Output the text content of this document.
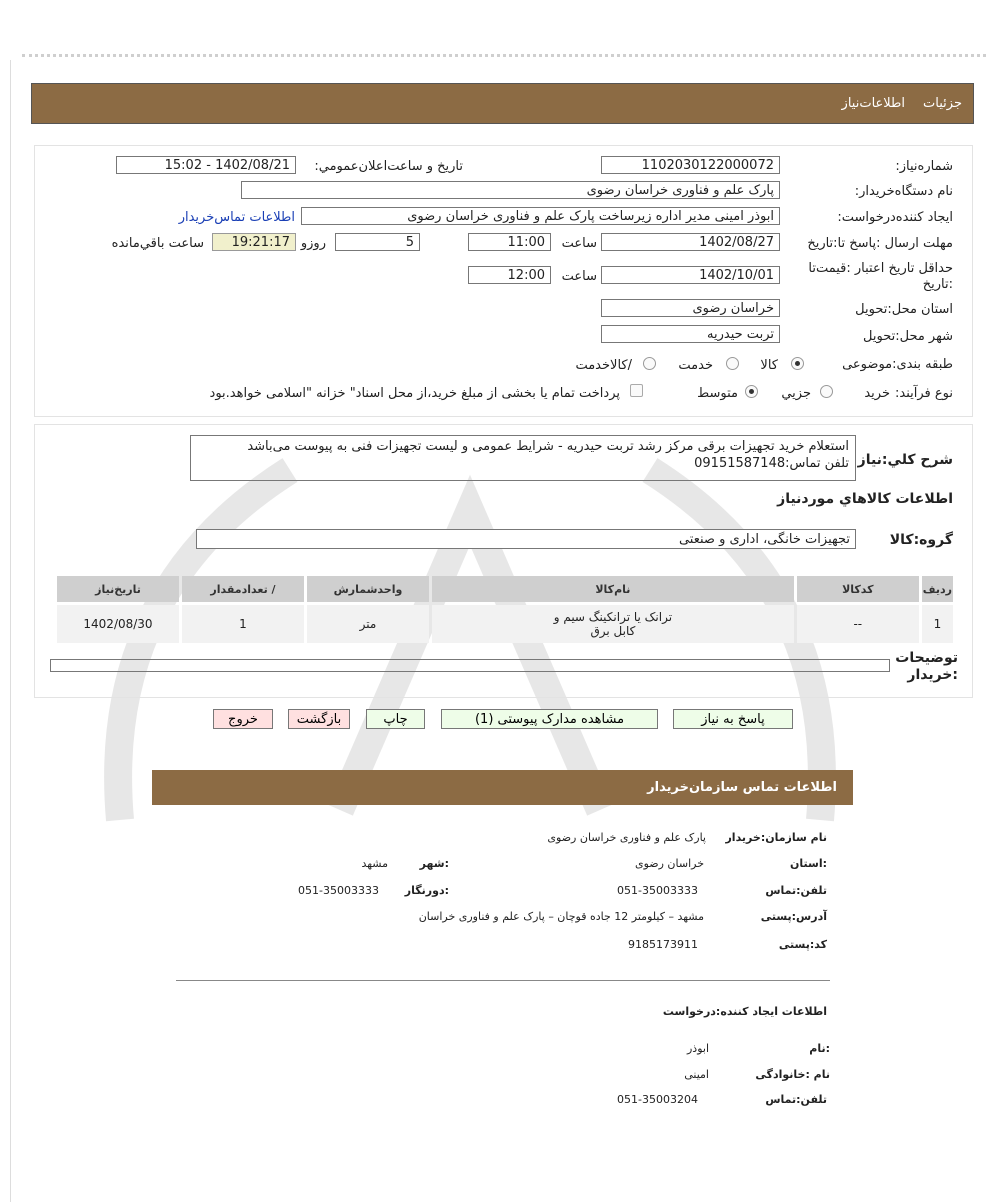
جزئیات
اطلاعات‌نیاز
شماره‌نیاز:
1102030122000072
تاریخ و ساعت‌اعلان‌عمومي:
1402/08/21 - 15:02
نام دستگاه‌خریدار:
پارک علم و فناوری خراسان رضوی
ایجاد کننده‌درخواست:
ابوذر امینی مدیر اداره زیرساخت پارک علم و فناوری خراسان رضوی
اطلاعات تماس‌خریدار
مهلت ارسال :پاسخ تا:تاریخ
1402/08/27
ساعت
11:00
5
روزو
19:21:17
ساعت باقي‌مانده
حداقل تاریخ اعتبار :قیمت‌تا :تاریخ
1402/10/01
ساعت
12:00
استان محل:تحویل
خراسان رضوی
شهر محل:تحویل
تربت حیدریه
طبقه بندی:موضوعی
کالا
خدمت
/کالاخدمت
نوع فرآیند:
خرید
جزيي
متوسط
پرداخت تمام یا بخشی از مبلغ خرید،از محل اسناد" خزانه "اسلامی خواهد.بود
شرح کلي:نیاز
استعلام خرید تجهیزات برقی مرکز رشد تربت حیدریه - شرایط عمومی و لیست تجهیزات فنی به پیوست می‌باشد
تلفن تماس:09151587148
اطلاعات کالاهاي مورد‌نیاز
گروه:کالا
تجهیزات خانگی، اداری و صنعتی
ردیف	کدکالا	نام‌کالا	واحدشمارش	/ تعدادمقدار	تاریخ‌نیاز
1	--	ترانک یا ترانکینگ سیم و کابل برق	متر	1	1402/08/30
توضیحات :خریدار
پاسخ به نیاز
مشاهده مدارک پیوستی (1)
چاپ
بازگشت
خروج
اطلاعات تماس سازمان‌خریدار
نام سازمان:خریدار
پارک علم و فناوری خراسان رضوی
:استان
خراسان رضوی
:شهر
مشهد
تلفن:تماس
051-35003333
:دورنگار
051-35003333
آدرس:پستی
مشهد – کیلومتر 12 جاده قوچان – پارک علم و فناوری خراسان
کد:پستی
9185173911
اطلاعات ایجاد کننده:درخواست
:نام
ابوذر
نام :خانوادگی
امینی
تلفن:تماس
051-35003204
